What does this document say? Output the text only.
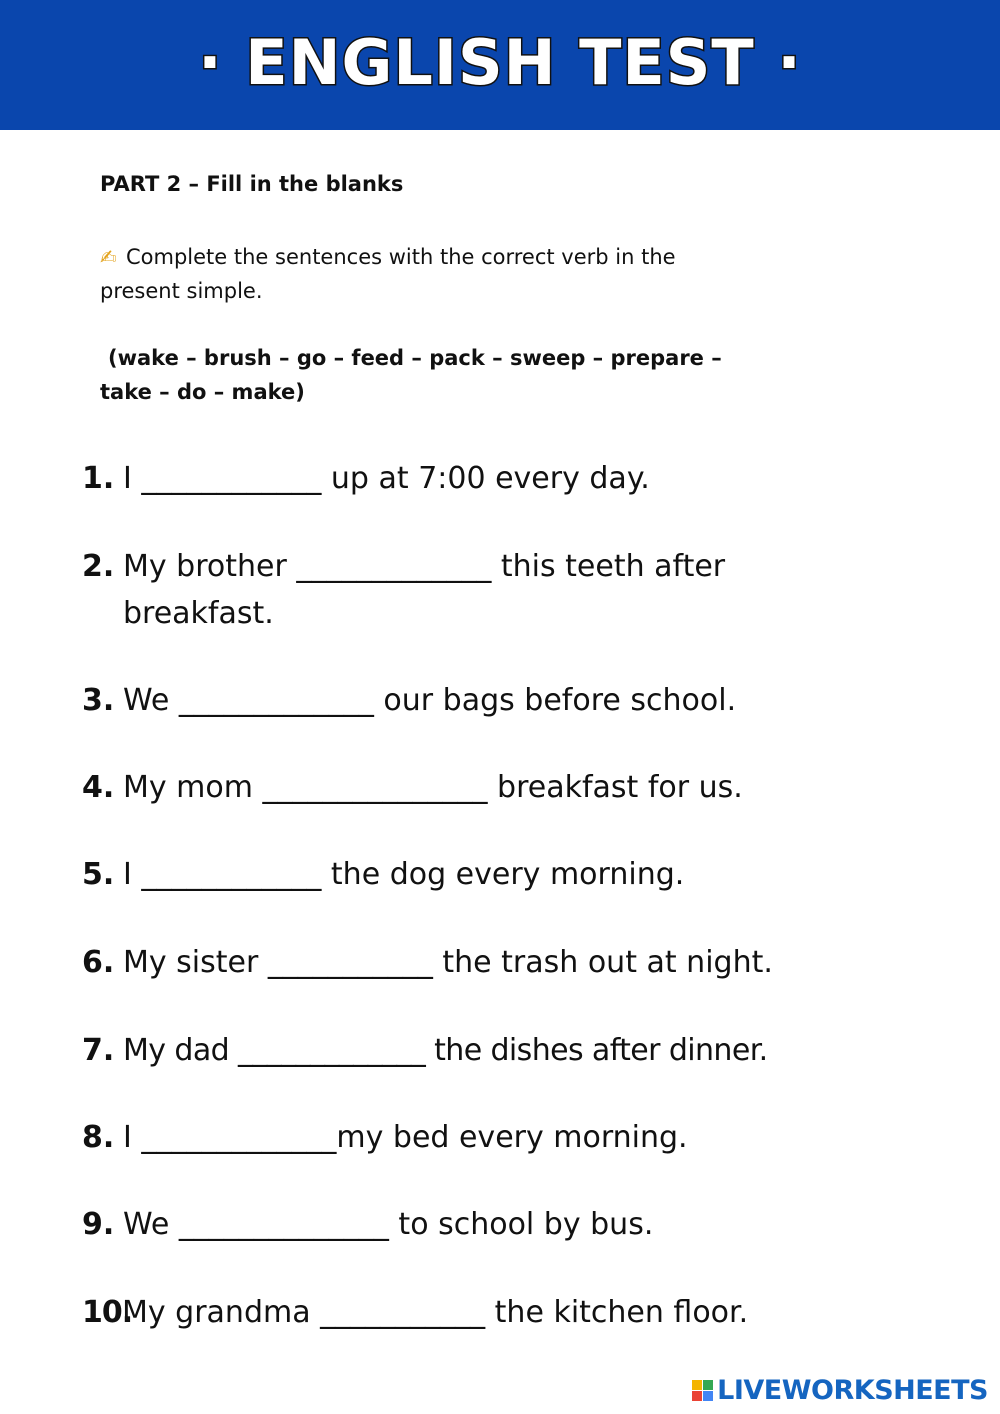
· ENGLISH TEST ·
PART 2 – Fill in the blanks
✍ Complete the sentences with the correct verb in the
present simple.
(wake – brush – go – feed – pack – sweep – prepare –
take – do – make)
1. I ____________ up at 7:00 every day.
2. My brother _____________ this teeth after breakfast.
3. We _____________ our bags before school.
4. My mom _______________ breakfast for us.
5. I ____________ the dog every morning.
6. My sister ___________ the trash out at night.
7. My dad _____________ the dishes after dinner.
8. I _____________my bed every morning.
9. We ______________ to school by bus.
10.
My grandma ___________ the kitchen floor.
LIVEWORKSHEETS
